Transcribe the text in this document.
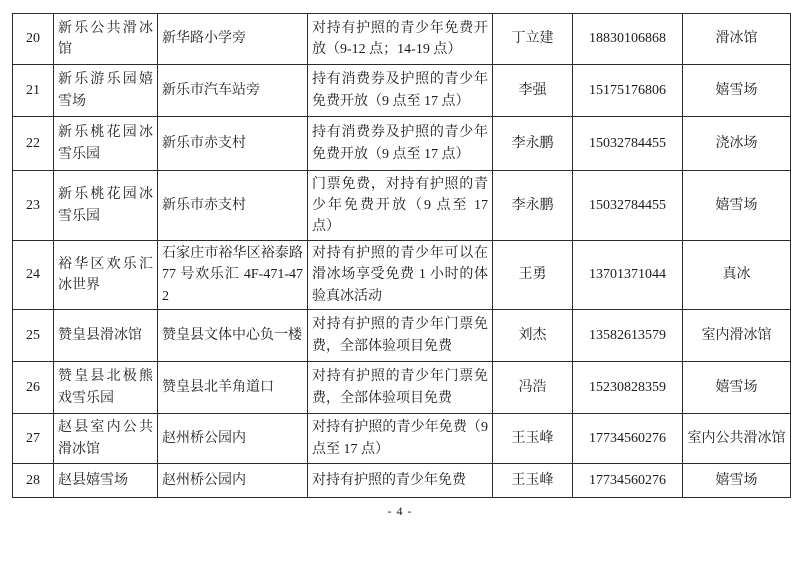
20	新乐公共滑冰馆	新华路小学旁	对持有护照的青少年免费开放（9-12 点；14-19 点）	丁立建	18830106868	滑冰馆
21	新乐游乐园嬉雪场	新乐市汽车站旁	持有消费券及护照的青少年免费开放（9 点至 17 点）	李强	15175176806	嬉雪场
22	新乐桃花园冰雪乐园	新乐市赤支村	持有消费券及护照的青少年免费开放（9 点至 17 点）	李永鹏	15032784455	浇冰场
23	新乐桃花园冰雪乐园	新乐市赤支村	门票免费，对持有护照的青少年免费开放（9 点至 17 点）	李永鹏	15032784455	嬉雪场
24	裕华区欢乐汇冰世界	石家庄市裕华区裕泰路 77 号欢乐汇 4F-471-472	对持有护照的青少年可以在滑冰场享受免费 1 小时的体验真冰活动	王勇	13701371044	真冰
25	赞皇县滑冰馆	赞皇县文体中心负一楼	对持有护照的青少年门票免费，全部体验项目免费	刘杰	13582613579	室内滑冰馆
26	赞皇县北极熊戏雪乐园	赞皇县北羊角道口	对持有护照的青少年门票免费，全部体验项目免费	冯浩	15230828359	嬉雪场
27	赵县室内公共滑冰馆	赵州桥公园内	对持有护照的青少年免费（9 点至 17 点）	王玉峰	17734560276	室内公共滑冰馆
28	赵县嬉雪场	赵州桥公园内	对持有护照的青少年免费	王玉峰	17734560276	嬉雪场
- 4 -
